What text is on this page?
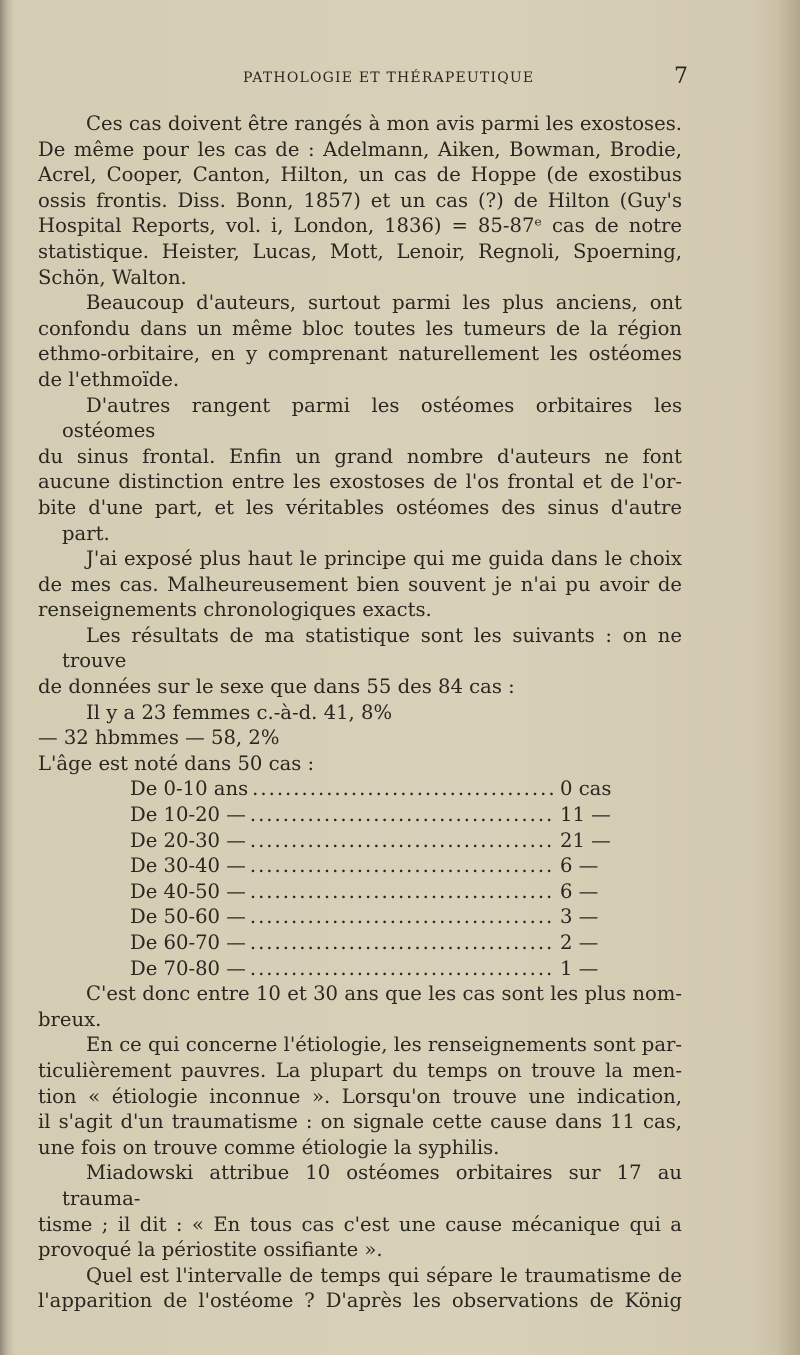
PATHOLOGIE ET THÉRAPEUTIQUE	7
Ces cas doivent être rangés à mon avis parmi les exostoses.
De même pour les cas de : Adelmann, Aiken, Bowman, Brodie,
Acrel, Cooper, Canton, Hilton, un cas de Hoppe (de exostibus
ossis frontis. Diss. Bonn, 1857) et un cas (?) de Hilton (Guy's
Hospital Reports, vol. i, London, 1836) = 85-87ᵉ cas de notre
statistique. Heister, Lucas, Mott, Lenoir, Regnoli, Spoerning,
Schön, Walton.
Beaucoup d'auteurs, surtout parmi les plus anciens, ont
confondu dans un même bloc toutes les tumeurs de la région
ethmo-orbitaire, en y comprenant naturellement les ostéomes
de l'ethmoïde.
D'autres rangent parmi les ostéomes orbitaires les ostéomes
du sinus frontal. Enfin un grand nombre d'auteurs ne font
aucune distinction entre les exostoses de l'os frontal et de l'or-
bite d'une part, et les véritables ostéomes des sinus d'autre part.
J'ai exposé plus haut le principe qui me guida dans le choix
de mes cas. Malheureusement bien souvent je n'ai pu avoir de
renseignements chronologiques exacts.
Les résultats de ma statistique sont les suivants : on ne trouve
de données sur le sexe que dans 55 des 84 cas :
Il y a 23 femmes c.-à-d. 41, 8%
— 32 hbmmes — 58, 2%
L'âge est noté dans 50 cas :
De 0-10 ans .....	0 cas
De 10-20 — .....	11 —
De 20-30 — .....	21 —
De 30-40 — .....	6 —
De 40-50 — .....	6 —
De 50-60 — .....	3 —
De 60-70 — .....	2 —
De 70-80 — .....	1 —
C'est donc entre 10 et 30 ans que les cas sont les plus nom-
breux.
En ce qui concerne l'étiologie, les renseignements sont par-
ticulièrement pauvres. La plupart du temps on trouve la men-
tion « étiologie inconnue ». Lorsqu'on trouve une indication,
il s'agit d'un traumatisme : on signale cette cause dans 11 cas,
une fois on trouve comme étiologie la syphilis.
Miadowski attribue 10 ostéomes orbitaires sur 17 au trauma-
tisme ; il dit : « En tous cas c'est une cause mécanique qui a
provoqué la périostite ossifiante ».
Quel est l'intervalle de temps qui sépare le traumatisme de
l'apparition de l'ostéome ? D'après les observations de König
